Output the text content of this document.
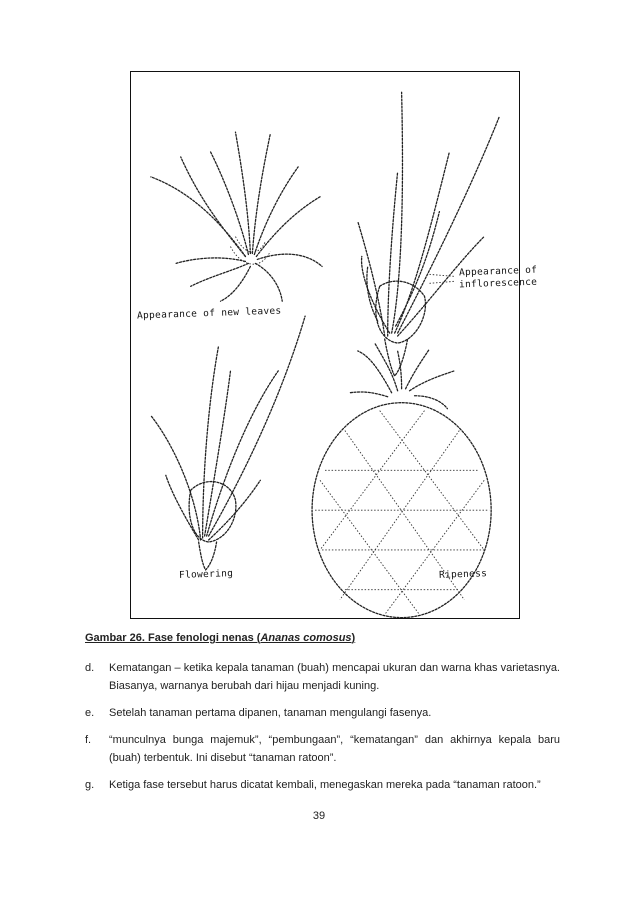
Appearance of new leaves
Appearance of
inflorescence
Flowering	Ripeness
Gambar 26. Fase fenologi nenas (Ananas comosus)
d.	Kematangan – ketika kepala tanaman (buah) mencapai ukuran dan warna khas varietasnya. Biasanya, warnanya berubah dari hijau menjadi kuning.
e.	Setelah tanaman pertama dipanen, tanaman mengulangi fasenya.
f.	“munculnya bunga majemuk”, “pembungaan”, “kematangan” dan akhirnya kepala baru (buah) terbentuk. Ini disebut “tanaman ratoon”.
g.	Ketiga fase tersebut harus dicatat kembali, menegaskan mereka pada “tanaman ratoon.”
39
